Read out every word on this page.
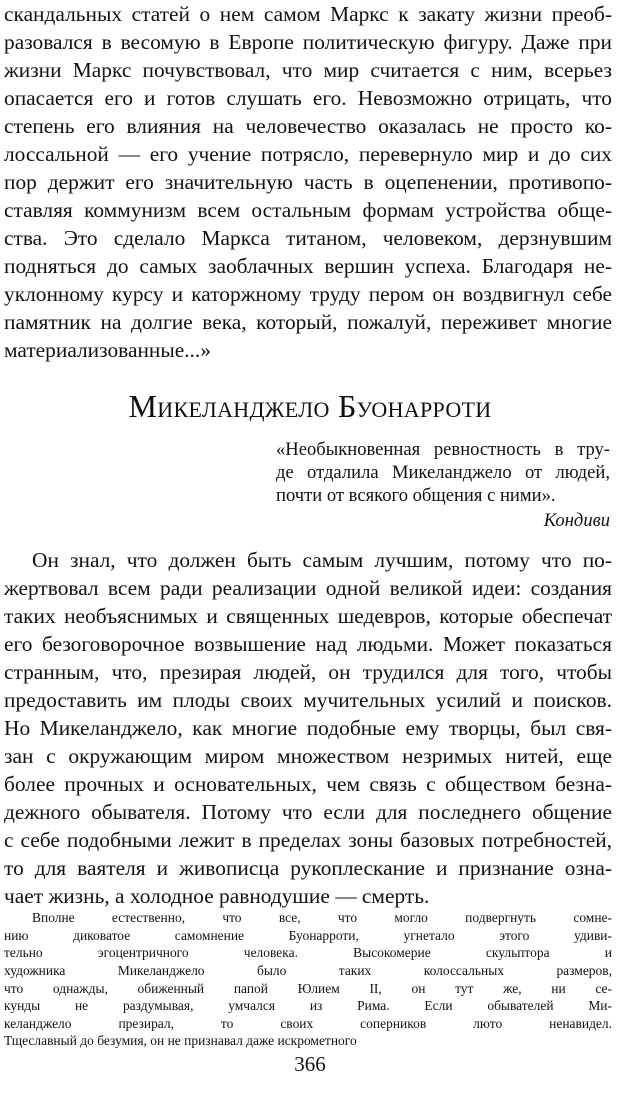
скандальных статей о нем самом Маркс к закату жизни преоб-
разовался в весомую в Европе политическую фигуру. Даже при
жизни Маркс почувствовал, что мир считается с ним, всерьез
опасается его и готов слушать его. Невозможно отрицать, что
степень его влияния на человечество оказалась не просто ко-
лоссальной — его учение потрясло, перевернуло мир и до сих
пор держит его значительную часть в оцепенении, противопо-
ставляя коммунизм всем остальным формам устройства обще-
ства. Это сделало Маркса титаном, человеком, дерзнувшим
подняться до самых заоблачных вершин успеха. Благодаря не-
уклонному курсу и каторжному труду пером он воздвигнул себе
памятник на долгие века, который, пожалуй, переживет многие
материализованные...»
Микеланджело Буонарроти
«Необыкновенная ревностность в тру-
де отдалила Микеланджело от людей,
почти от всякого общения с ними».
Кондиви
Он знал, что должен быть самым лучшим, потому что по-
жертвовал всем ради реализации одной великой идеи: создания
таких необъяснимых и священных шедевров, которые обеспечат
его безоговорочное возвышение над людьми. Может показаться
странным, что, презирая людей, он трудился для того, чтобы
предоставить им плоды своих мучительных усилий и поисков.
Но Микеланджело, как многие подобные ему творцы, был свя-
зан с окружающим миром множеством незримых нитей, еще
более прочных и основательных, чем связь с обществом безна-
дежного обывателя. Потому что если для последнего общение
с себе подобными лежит в пределах зоны базовых потребностей,
то для ваятеля и живописца рукоплескание и признание озна-
чает жизнь, а холодное равнодушие — смерть.
366
Вполне естественно, что все, что могло подвергнуть сомне-
нию диковатое самомнение Буонарроти, угнетало этого удиви-
тельно эгоцентричного человека. Высокомерие скульптора и
художника Микеланджело было таких колоссальных размеров,
что однажды, обиженный папой Юлием II, он тут же, ни се-
кунды не раздумывая, умчался из Рима. Если обывателей Ми-
келанджело презирал, то своих соперников люто ненавидел.
Тщеславный до безумия, он не признавал даже искрометного
